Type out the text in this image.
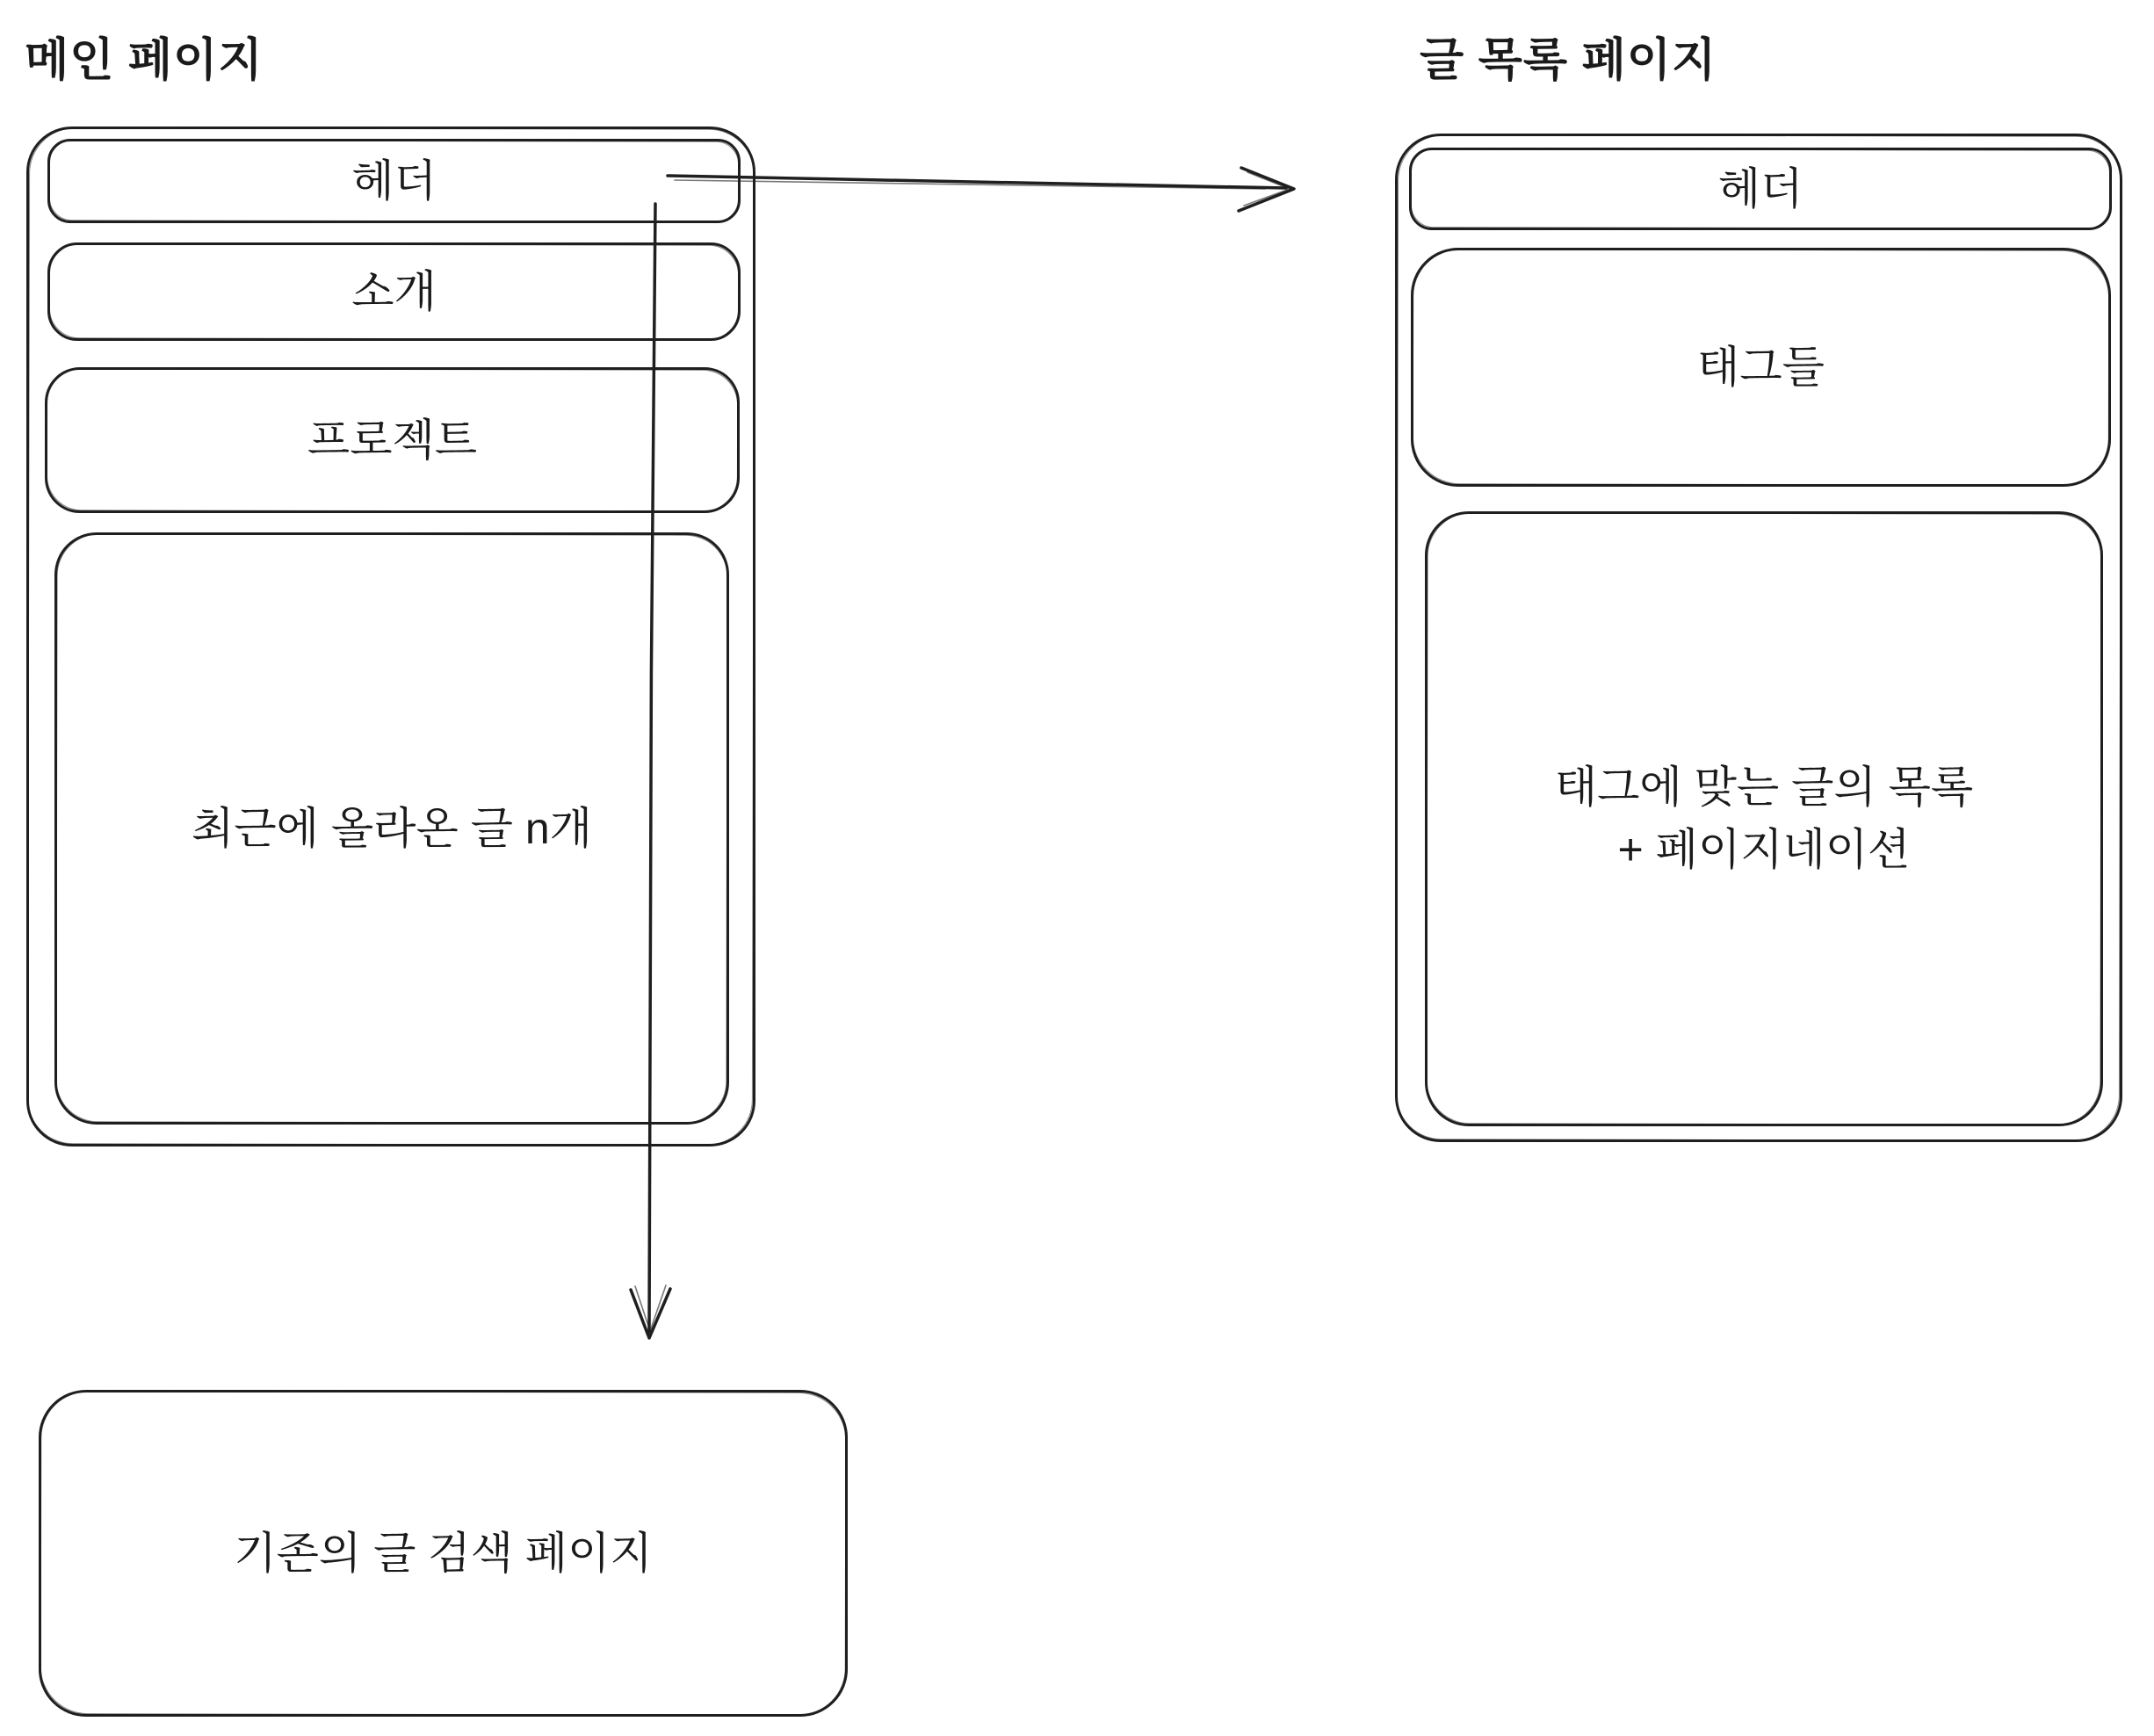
메인 페이지	글 목록 페이지
헤더
소개
프로젝트
최근에 올라온 글 n개
헤더
태그들
태그에 맞는 글의 목록
+ 페이지네이션
기존의 글 검색 페이지
